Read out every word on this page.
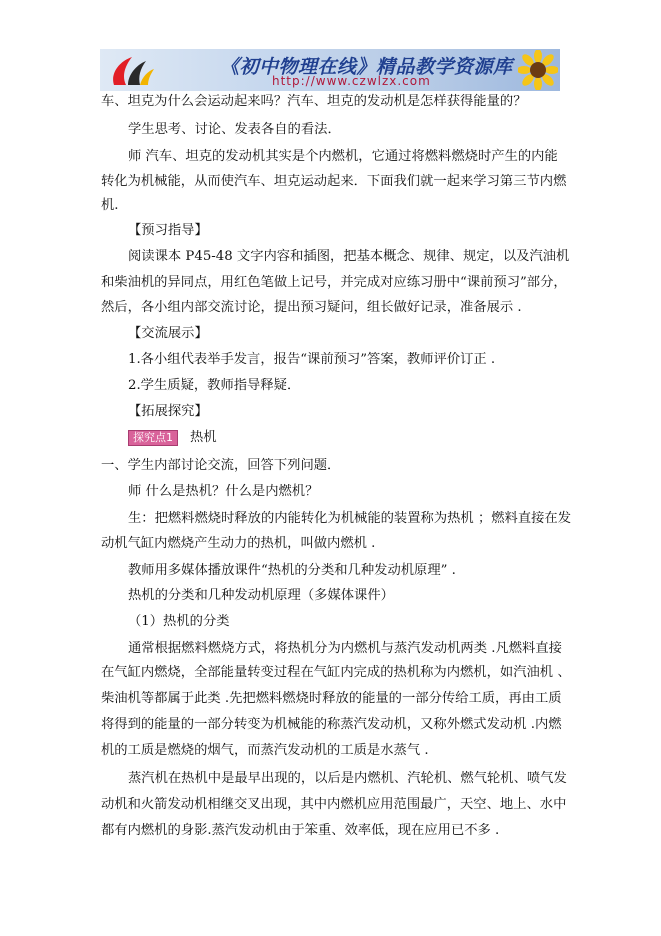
《初中物理在线》精品教学资源库
http://www.czwlzx.com
车、坦克为什么会运动起来吗？汽车、坦克的发动机是怎样获得能量的？
学生思考、讨论、发表各自的看法．
师 汽车、坦克的发动机其实是个内燃机，它通过将燃料燃烧时产生的内能
转化为机械能，从而使汽车、坦克运动起来．下面我们就一起来学习第三节内燃
机.
【预习指导】
阅读课本 P45-48 文字内容和插图，把基本概念、规律、规定，以及汽油机
和柴油机的异同点，用红色笔做上记号，并完成对应练习册中“课前预习”部分，
然后，各小组内部交流讨论，提出预习疑问，组长做好记录，准备展示 .
【交流展示】
1.各小组代表举手发言，报告“课前预习”答案，教师评价订正 .
2.学生质疑，教师指导释疑．
【拓展探究】
探究点1 热机
一、学生内部讨论交流，回答下列问题．
师 什么是热机？什么是内燃机？
生：把燃料燃烧时释放的内能转化为机械能的装置称为热机 ；燃料直接在发
动机气缸内燃烧产生动力的热机，叫做内燃机 .
教师用多媒体播放课件“热机的分类和几种发动机原理” .
热机的分类和几种发动机原理（多媒体课件）
（1）热机的分类
通常根据燃料燃烧方式，将热机分为内燃机与蒸汽发动机两类 .凡燃料直接
在气缸内燃烧，全部能量转变过程在气缸内完成的热机称为内燃机，如汽油机 、
柴油机等都属于此类 .先把燃料燃烧时释放的能量的一部分传给工质，再由工质
将得到的能量的一部分转变为机械能的称蒸汽发动机，又称外燃式发动机 .内燃
机的工质是燃烧的烟气，而蒸汽发动机的工质是水蒸气 .
蒸汽机在热机中是最早出现的，以后是内燃机、汽轮机、燃气轮机、喷气发
动机和火箭发动机相继交叉出现，其中内燃机应用范围最广，天空、地上、水中
都有内燃机的身影.蒸汽发动机由于笨重、效率低，现在应用已不多 .
